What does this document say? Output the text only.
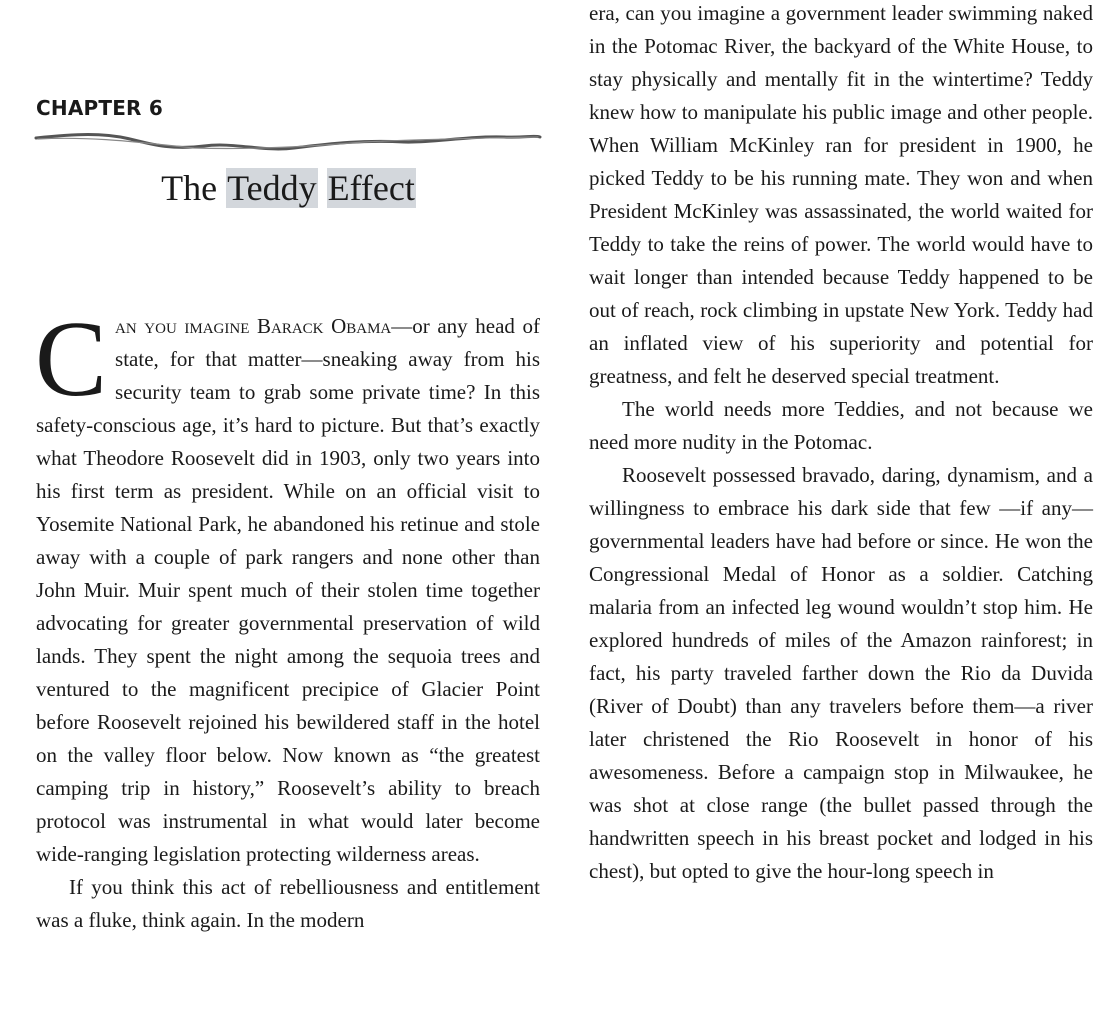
CHAPTER 6
The Teddy Effect

C an you imagine Barack Obama—or any head of state, for that matter—sneaking away from his security team to grab some private time? In this safety-conscious age, it’s hard to picture. But that’s exactly what Theodore Roosevelt did in 1903, only two years into his first term as president. While on an official visit to Yosemite National Park, he abandoned his retinue and stole away with a couple of park rangers and none other than John Muir. Muir spent much of their stolen time together advocating for greater governmental preservation of wild lands. They spent the night among the sequoia trees and ventured to the magnificent precipice of Glacier Point before Roosevelt rejoined his bewildered staff in the hotel on the valley floor below. Now known as “the greatest camping trip in history,” Roosevelt’s ability to breach protocol was instrumental in what would later become wide-ranging legislation protecting wilderness areas.

If you think this act of rebelliousness and entitlement was a fluke, think again. In the modern

era, can you imagine a government leader swimming naked in the Potomac River, the backyard of the White House, to stay physically and mentally fit in the wintertime? Teddy knew how to manipulate his public image and other people. When William McKinley ran for president in 1900, he picked Teddy to be his running mate. They won and when President McKinley was assassinated, the world waited for Teddy to take the reins of power. The world would have to wait longer than intended because Teddy happened to be out of reach, rock climbing in upstate New York. Teddy had an inflated view of his superiority and potential for greatness, and felt he deserved special treatment.

The world needs more Teddies, and not because we need more nudity in the Potomac.

Roosevelt possessed bravado, daring, dynamism, and a willingness to embrace his dark side that few —if any—governmental leaders have had before or since. He won the Congressional Medal of Honor as a soldier. Catching malaria from an infected leg wound wouldn’t stop him. He explored hundreds of miles of the Amazon rainforest; in fact, his party traveled farther down the Rio da Duvida (River of Doubt) than any travelers before them—a river later christened the Rio Roosevelt in honor of his awesomeness. Before a campaign stop in Milwaukee, he was shot at close range (the bullet passed through the handwritten speech in his breast pocket and lodged in his chest), but opted to give the hour-long speech in
